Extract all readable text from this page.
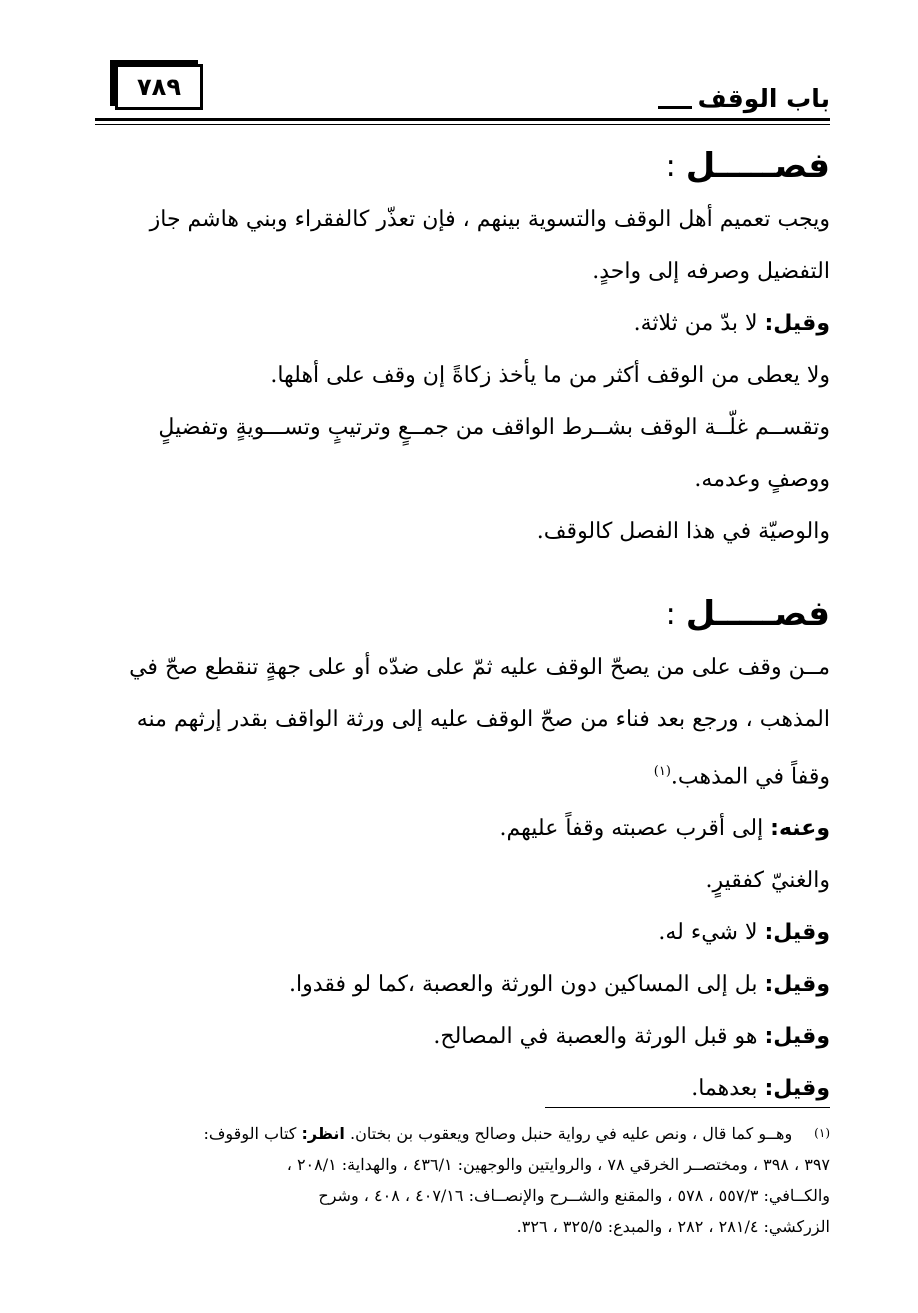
٧٨٩	باب الوقف
فصـــــل
:
ويجب تعميم أهل الوقف والتسوية بينهم ، فإن تعذّر كالفقراء وبني هاشم جاز
التفضيل وصرفه إلى واحدٍ.
وقيل: لا بدّ من ثلاثة.
ولا يعطى من الوقف أكثر من ما يأخذ زكاةً إن وقف على أهلها.
وتقســم غلّــة الوقف بشــرط الواقف من جمــعٍ وترتيبٍ وتســـويةٍ وتفضيلٍ
ووصفٍ وعدمه.
والوصيّة في هذا الفصل كالوقف.
فصـــــل
:
مــن وقف على من يصحّ الوقف عليه ثمّ على ضدّه أو على جهةٍ تنقطع صحّ في
المذهب ، ورجع بعد فناء من صحّ الوقف عليه إلى ورثة الواقف بقدر إرثهم منه
وقفاً في المذهب.$^{(١)}$
وعنه: إلى أقرب عصبته وقفاً عليهم.
والغنيّ كفقيرٍ.
وقيل: لا شيء له.
وقيل: بل إلى المساكين دون الورثة والعصبة ،كما لو فقدوا.
وقيل: هو قبل الورثة والعصبة في المصالح.
وقيل: بعدهما.
$^{(١)}$وهــو كما قال ، ونص عليه في رواية حنبل وصالح ويعقوب بن بختان. انظر: كتاب الوقوف:
٣٩٧ ، ٣٩٨ ، ومختصــر الخرقي ٧٨ ، والروايتين والوجهين: ٤٣٦/١ ، والهداية: ٢٠٨/١ ،
والكــافي: ٥٥٧/٣ ، ٥٧٨ ، والمقنع والشــرح والإنصــاف: ٤٠٧/١٦ ، ٤٠٨ ، وشرح
الزركشي: ٢٨١/٤ ، ٢٨٢ ، والمبدع: ٣٢٥/٥ ، ٣٢٦.
